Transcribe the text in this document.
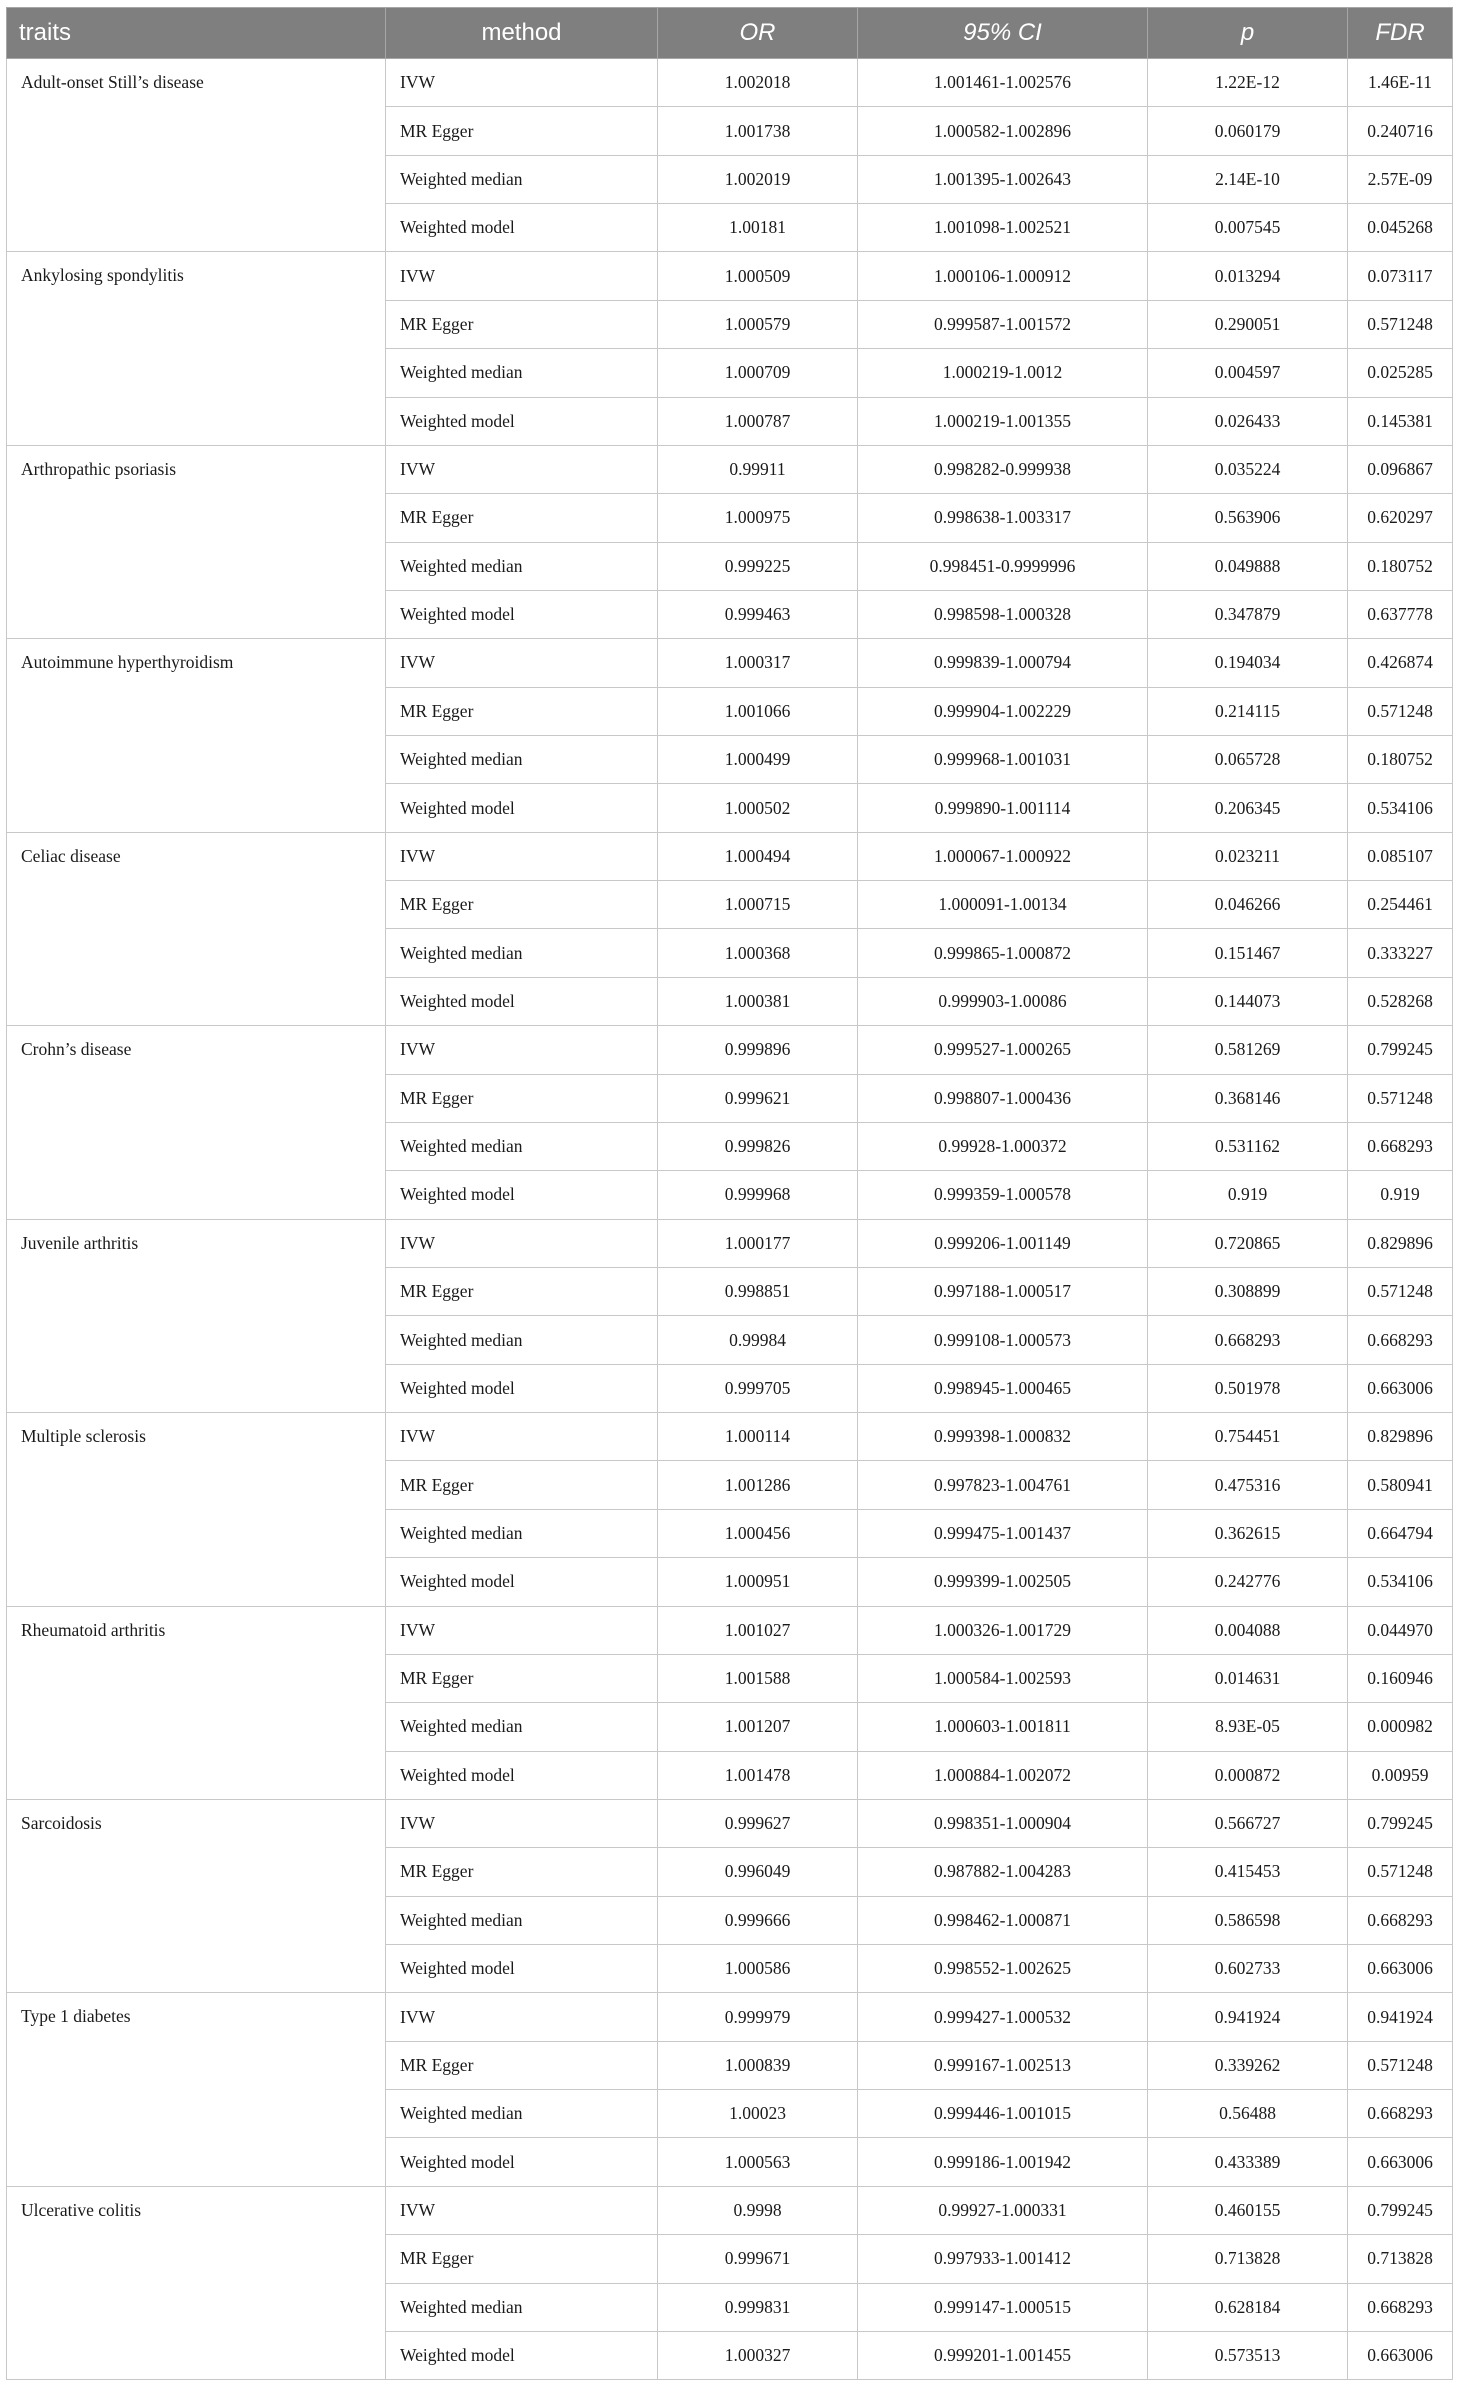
traits	method	OR	95% CI	p	FDR
Adult-onset Still’s disease	IVW	1.002018	1.001461-1.002576	1.22E-12	1.46E-11
	MR Egger	1.001738	1.000582-1.002896	0.060179	0.240716
	Weighted median	1.002019	1.001395-1.002643	2.14E-10	2.57E-09
	Weighted model	1.00181	1.001098-1.002521	0.007545	0.045268
Ankylosing spondylitis	IVW	1.000509	1.000106-1.000912	0.013294	0.073117
	MR Egger	1.000579	0.999587-1.001572	0.290051	0.571248
	Weighted median	1.000709	1.000219-1.0012	0.004597	0.025285
	Weighted model	1.000787	1.000219-1.001355	0.026433	0.145381
Arthropathic psoriasis	IVW	0.99911	0.998282-0.999938	0.035224	0.096867
	MR Egger	1.000975	0.998638-1.003317	0.563906	0.620297
	Weighted median	0.999225	0.998451-0.9999996	0.049888	0.180752
	Weighted model	0.999463	0.998598-1.000328	0.347879	0.637778
Autoimmune hyperthyroidism	IVW	1.000317	0.999839-1.000794	0.194034	0.426874
	MR Egger	1.001066	0.999904-1.002229	0.214115	0.571248
	Weighted median	1.000499	0.999968-1.001031	0.065728	0.180752
	Weighted model	1.000502	0.999890-1.001114	0.206345	0.534106
Celiac disease	IVW	1.000494	1.000067-1.000922	0.023211	0.085107
	MR Egger	1.000715	1.000091-1.00134	0.046266	0.254461
	Weighted median	1.000368	0.999865-1.000872	0.151467	0.333227
	Weighted model	1.000381	0.999903-1.00086	0.144073	0.528268
Crohn’s disease	IVW	0.999896	0.999527-1.000265	0.581269	0.799245
	MR Egger	0.999621	0.998807-1.000436	0.368146	0.571248
	Weighted median	0.999826	0.99928-1.000372	0.531162	0.668293
	Weighted model	0.999968	0.999359-1.000578	0.919	0.919
Juvenile arthritis	IVW	1.000177	0.999206-1.001149	0.720865	0.829896
	MR Egger	0.998851	0.997188-1.000517	0.308899	0.571248
	Weighted median	0.99984	0.999108-1.000573	0.668293	0.668293
	Weighted model	0.999705	0.998945-1.000465	0.501978	0.663006
Multiple sclerosis	IVW	1.000114	0.999398-1.000832	0.754451	0.829896
	MR Egger	1.001286	0.997823-1.004761	0.475316	0.580941
	Weighted median	1.000456	0.999475-1.001437	0.362615	0.664794
	Weighted model	1.000951	0.999399-1.002505	0.242776	0.534106
Rheumatoid arthritis	IVW	1.001027	1.000326-1.001729	0.004088	0.044970
	MR Egger	1.001588	1.000584-1.002593	0.014631	0.160946
	Weighted median	1.001207	1.000603-1.001811	8.93E-05	0.000982
	Weighted model	1.001478	1.000884-1.002072	0.000872	0.00959
Sarcoidosis	IVW	0.999627	0.998351-1.000904	0.566727	0.799245
	MR Egger	0.996049	0.987882-1.004283	0.415453	0.571248
	Weighted median	0.999666	0.998462-1.000871	0.586598	0.668293
	Weighted model	1.000586	0.998552-1.002625	0.602733	0.663006
Type 1 diabetes	IVW	0.999979	0.999427-1.000532	0.941924	0.941924
	MR Egger	1.000839	0.999167-1.002513	0.339262	0.571248
	Weighted median	1.00023	0.999446-1.001015	0.56488	0.668293
	Weighted model	1.000563	0.999186-1.001942	0.433389	0.663006
Ulcerative colitis	IVW	0.9998	0.99927-1.000331	0.460155	0.799245
	MR Egger	0.999671	0.997933-1.001412	0.713828	0.713828
	Weighted median	0.999831	0.999147-1.000515	0.628184	0.668293
	Weighted model	1.000327	0.999201-1.001455	0.573513	0.663006
